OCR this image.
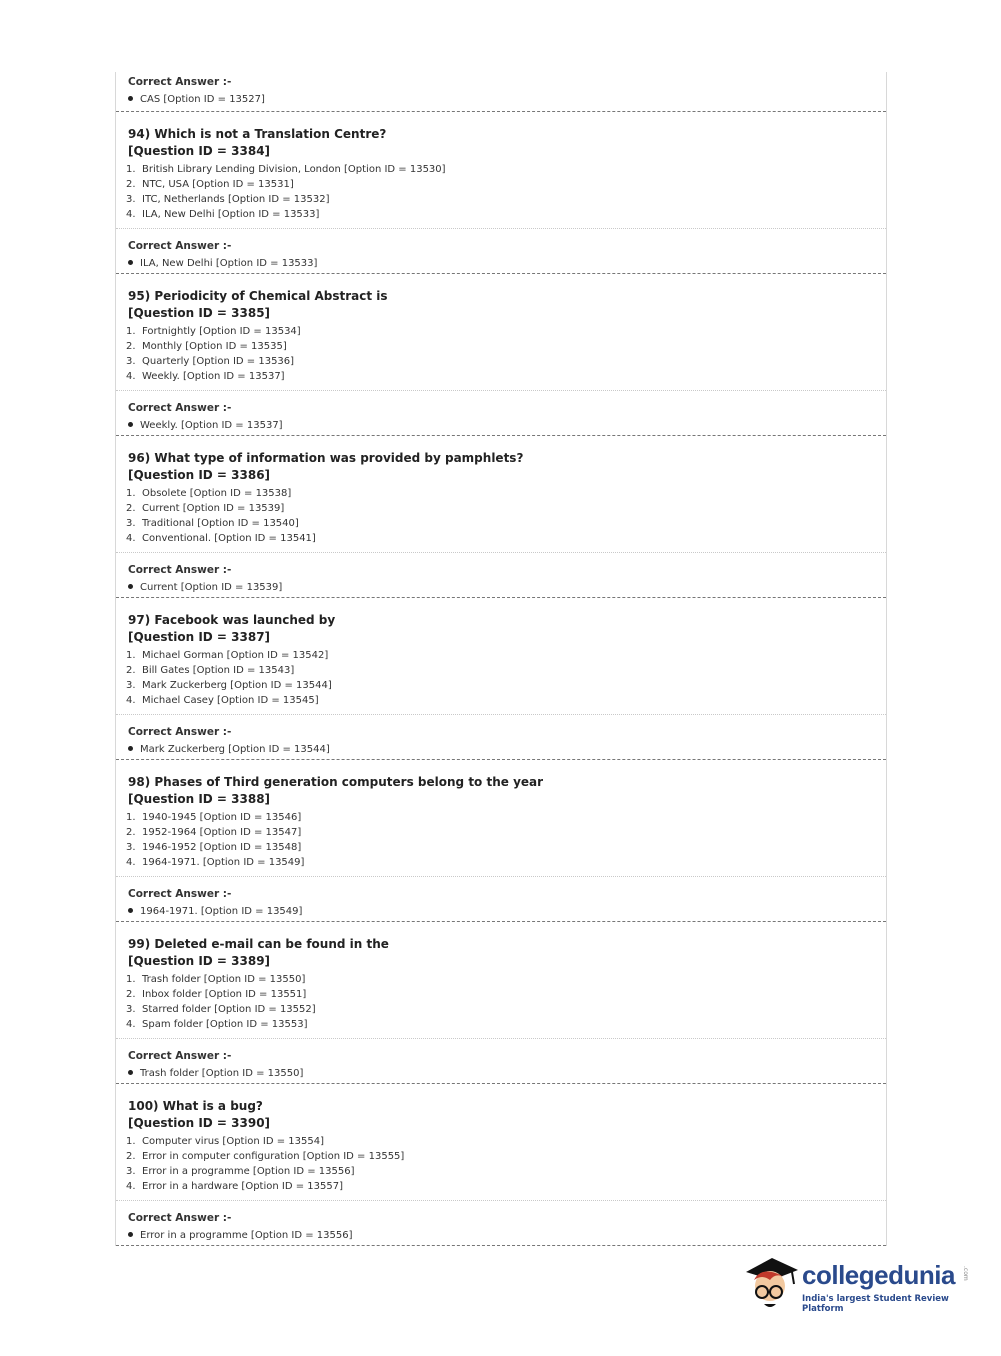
Correct Answer :-
CAS [Option ID = 13527]
94) Which is not a Translation Centre?
[Question ID = 3384]
1. British Library Lending Division, London [Option ID = 13530]
2. NTC, USA [Option ID = 13531]
3. ITC, Netherlands [Option ID = 13532]
4. ILA, New Delhi [Option ID = 13533]
Correct Answer :-
ILA, New Delhi [Option ID = 13533]
95) Periodicity of Chemical Abstract is
[Question ID = 3385]
1. Fortnightly [Option ID = 13534]
2. Monthly [Option ID = 13535]
3. Quarterly [Option ID = 13536]
4. Weekly. [Option ID = 13537]
Correct Answer :-
Weekly. [Option ID = 13537]
96) What type of information was provided by pamphlets?
[Question ID = 3386]
1. Obsolete [Option ID = 13538]
2. Current [Option ID = 13539]
3. Traditional [Option ID = 13540]
4. Conventional. [Option ID = 13541]
Correct Answer :-
Current [Option ID = 13539]
97) Facebook was launched by
[Question ID = 3387]
1. Michael Gorman [Option ID = 13542]
2. Bill Gates [Option ID = 13543]
3. Mark Zuckerberg [Option ID = 13544]
4. Michael Casey [Option ID = 13545]
Correct Answer :-
Mark Zuckerberg [Option ID = 13544]
98) Phases of Third generation computers belong to the year
[Question ID = 3388]
1. 1940-1945 [Option ID = 13546]
2. 1952-1964 [Option ID = 13547]
3. 1946-1952 [Option ID = 13548]
4. 1964-1971. [Option ID = 13549]
Correct Answer :-
1964-1971. [Option ID = 13549]
99) Deleted e-mail can be found in the
[Question ID = 3389]
1. Trash folder [Option ID = 13550]
2. Inbox folder [Option ID = 13551]
3. Starred folder [Option ID = 13552]
4. Spam folder [Option ID = 13553]
Correct Answer :-
Trash folder [Option ID = 13550]
100) What is a bug?
[Question ID = 3390]
1. Computer virus [Option ID = 13554]
2. Error in computer configuration [Option ID = 13555]
3. Error in a programme [Option ID = 13556]
4. Error in a hardware [Option ID = 13557]
Correct Answer :-
Error in a programme [Option ID = 13556]
collegedunia .com
India's largest Student Review Platform
